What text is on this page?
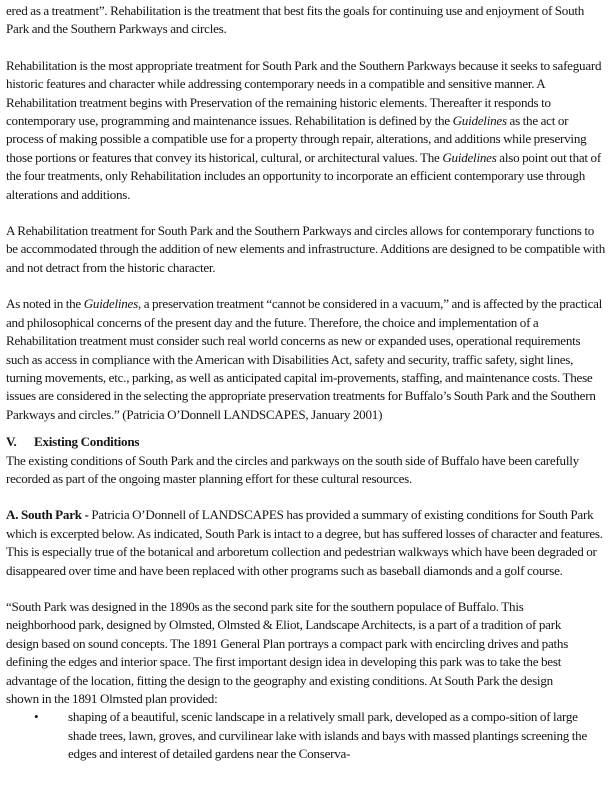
ered as a treatment”. Rehabilitation is the treatment that best fits the goals for continuing use and enjoyment of South Park and the Southern Parkways and circles.

Rehabilitation is the most appropriate treatment for South Park and the Southern Parkways because it seeks to safeguard historic features and character while addressing contemporary needs in a compatible and sensitive manner. A Rehabilitation treatment begins with Preservation of the remaining historic elements. Thereafter it responds to contemporary use, programming and maintenance issues. Rehabilitation is defined by the Guidelines as the act or process of making possible a compatible use for a property through repair, alterations, and additions while preserving those portions or features that convey its historical, cultural, or architectural values. The Guidelines also point out that of the four treatments, only Rehabilitation includes an opportunity to incorporate an efficient contemporary use through alterations and additions.

A Rehabilitation treatment for South Park and the Southern Parkways and circles allows for contemporary functions to be accommodated through the addition of new elements and infrastructure. Additions are designed to be compatible with and not detract from the historic character.

As noted in the Guidelines, a preservation treatment “cannot be considered in a vacuum,” and is affected by the practical and philosophical concerns of the present day and the future. Therefore, the choice and implementation of a Rehabilitation treatment must consider such real world concerns as new or expanded uses, operational requirements such as access in compliance with the American with Disabilities Act, safety and security, traffic safety, sight lines, turning movements, etc., parking, as well as anticipated capital im-provements, staffing, and maintenance costs. These issues are considered in the selecting the appropriate preservation treatments for Buffalo’s South Park and the Southern Parkways and circles.” (Patricia O’Donnell LANDSCAPES, January 2001)

V. Existing Conditions

The existing conditions of South Park and the circles and parkways on the south side of Buffalo have been carefully recorded as part of the ongoing master planning effort for these cultural resources.

A. South Park - Patricia O’Donnell of LANDSCAPES has provided a summary of existing conditions for South Park which is excerpted below. As indicated, South Park is intact to a degree, but has suffered losses of character and features. This is especially true of the botanical and arboretum collection and pedestrian walkways which have been degraded or disappeared over time and have been replaced with other programs such as baseball diamonds and a golf course.

“South Park was designed in the 1890s as the second park site for the southern populace of Buffalo. This neighborhood park, designed by Olmsted, Olmsted & Eliot, Landscape Architects, is a part of a tradition of park design based on sound concepts. The 1891 General Plan portrays a compact park with encircling drives and paths defining the edges and interior space. The first important design idea in developing this park was to take the best advantage of the location, fitting the design to the geography and existing conditions. At South Park the design shown in the 1891 Olmsted plan provided:

•	shaping of a beautiful, scenic landscape in a relatively small park, developed as a compo-sition of large shade trees, lawn, groves, and curvilinear lake with islands and bays with massed plantings screening the edges and interest of detailed gardens near the Conserva-
